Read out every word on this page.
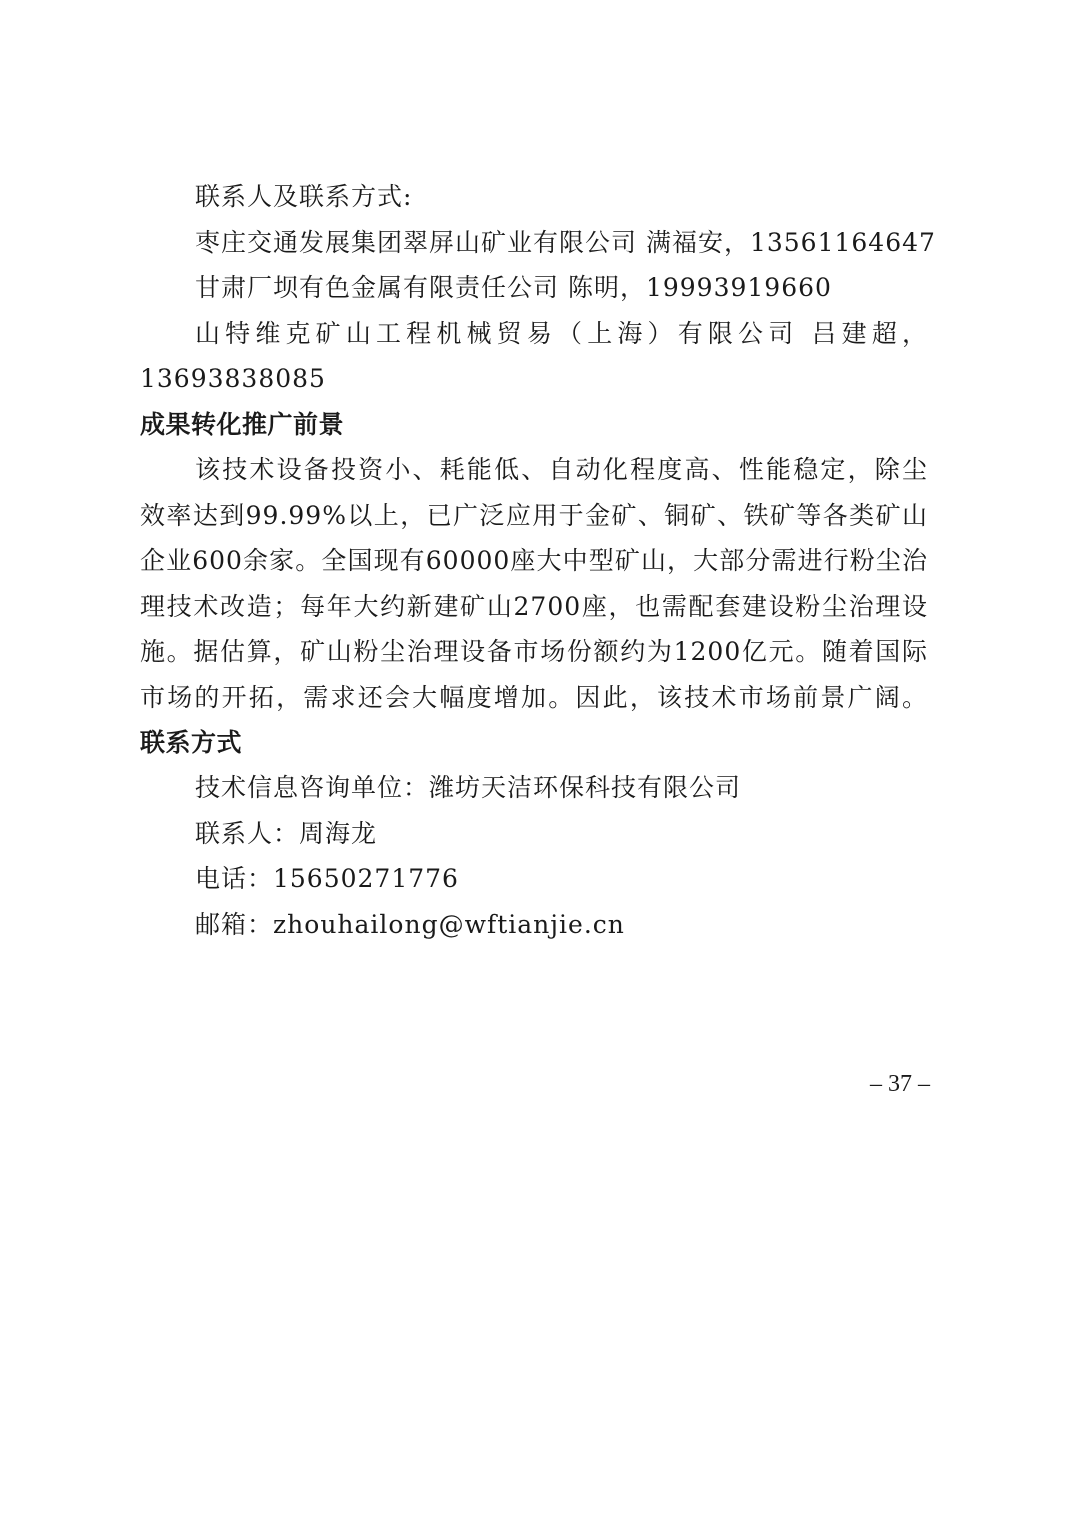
联系人及联系方式:
枣庄交通发展集团翠屏山矿业有限公司 满福安，13561164647
甘肃厂坝有色金属有限责任公司 陈明，19993919660
山特维克矿山工程机械贸易（上海）有限公司 吕建超，
13693838085
成果转化推广前景
该技术设备投资小、耗能低、自动化程度高、性能稳定，除尘
效率达到99.99%以上，已广泛应用于金矿、铜矿、铁矿等各类矿山
企业600余家。全国现有60000座大中型矿山，大部分需进行粉尘治
理技术改造；每年大约新建矿山2700座，也需配套建设粉尘治理设
施。据估算，矿山粉尘治理设备市场份额约为1200亿元。随着国际
市场的开拓，需求还会大幅度增加。因此，该技术市场前景广阔。
联系方式
技术信息咨询单位：潍坊天洁环保科技有限公司
联系人：周海龙
电话：15650271776
邮箱：zhouhailong@wftianjie.cn
– 37 –
